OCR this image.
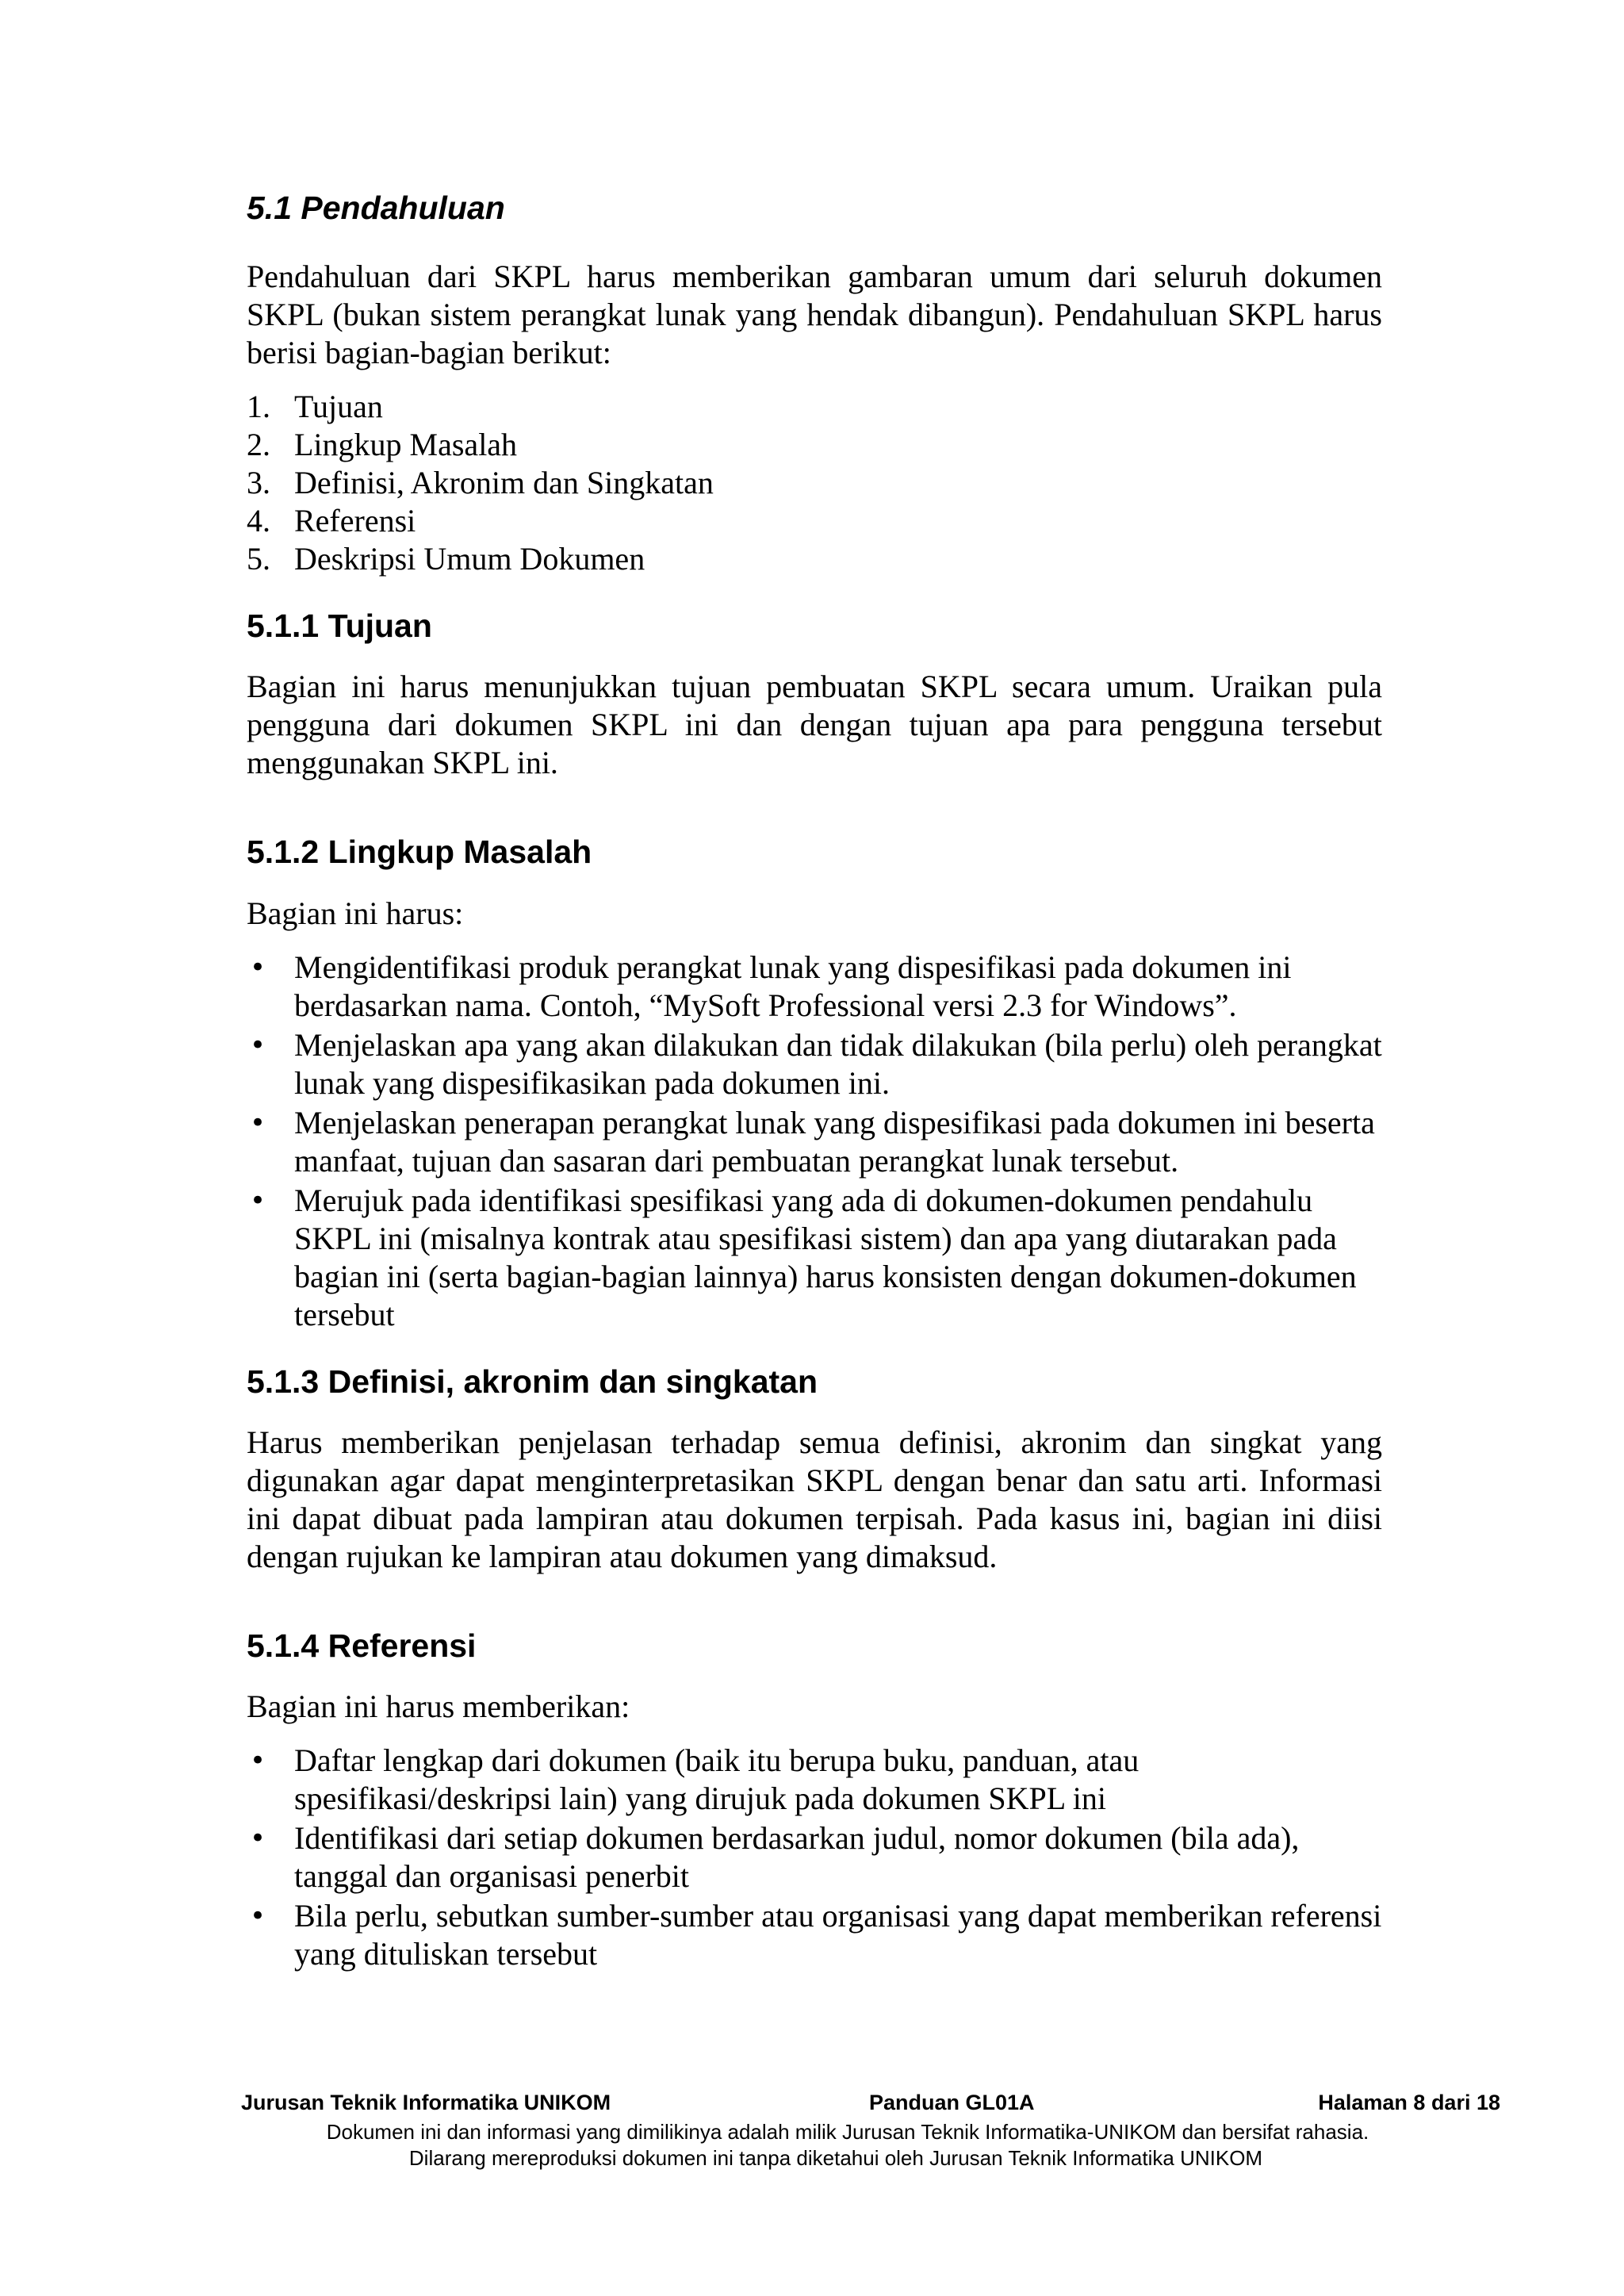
5.1 Pendahuluan

Pendahuluan dari SKPL harus memberikan gambaran umum dari seluruh dokumen SKPL (bukan sistem perangkat lunak yang hendak dibangun). Pendahuluan SKPL harus berisi bagian-bagian berikut:

1. Tujuan
2. Lingkup Masalah
3. Definisi, Akronim dan Singkatan
4. Referensi
5. Deskripsi Umum Dokumen
5.1.1 Tujuan

Bagian ini harus menunjukkan tujuan pembuatan SKPL secara umum. Uraikan pula pengguna dari dokumen SKPL ini dan dengan tujuan apa para pengguna tersebut menggunakan SKPL ini.

5.1.2 Lingkup Masalah

Bagian ini harus:

• Mengidentifikasi produk perangkat lunak yang dispesifikasi pada dokumen ini berdasarkan nama. Contoh, “MySoft Professional versi 2.3 for Windows”.
• Menjelaskan apa yang akan dilakukan dan tidak dilakukan (bila perlu) oleh perangkat lunak yang dispesifikasikan pada dokumen ini.
• Menjelaskan penerapan perangkat lunak yang dispesifikasi pada dokumen ini beserta manfaat, tujuan dan sasaran dari pembuatan perangkat lunak tersebut.
• Merujuk pada identifikasi spesifikasi yang ada di dokumen-dokumen pendahulu SKPL ini (misalnya kontrak atau spesifikasi sistem) dan apa yang diutarakan pada bagian ini (serta bagian-bagian lainnya) harus konsisten dengan dokumen-dokumen tersebut
5.1.3 Definisi, akronim dan singkatan

Harus memberikan penjelasan terhadap semua definisi, akronim dan singkat yang digunakan agar dapat menginterpretasikan SKPL dengan benar dan satu arti. Informasi ini dapat dibuat pada lampiran atau dokumen terpisah. Pada kasus ini, bagian ini diisi dengan rujukan ke lampiran atau dokumen yang dimaksud.

5.1.4 Referensi

Bagian ini harus memberikan:

• Daftar lengkap dari dokumen (baik itu berupa buku, panduan, atau spesifikasi/deskripsi lain) yang dirujuk pada dokumen SKPL ini
• Identifikasi dari setiap dokumen berdasarkan judul, nomor dokumen (bila ada), tanggal dan organisasi penerbit
• Bila perlu, sebutkan sumber-sumber atau organisasi yang dapat memberikan referensi yang dituliskan tersebut
Jurusan Teknik Informatika UNIKOM	Panduan GL01A	Halaman 8 dari 18
Dokumen ini dan informasi yang dimilikinya adalah milik Jurusan Teknik Informatika-UNIKOM dan bersifat rahasia.
Dilarang mereproduksi dokumen ini tanpa diketahui oleh Jurusan Teknik Informatika UNIKOM
